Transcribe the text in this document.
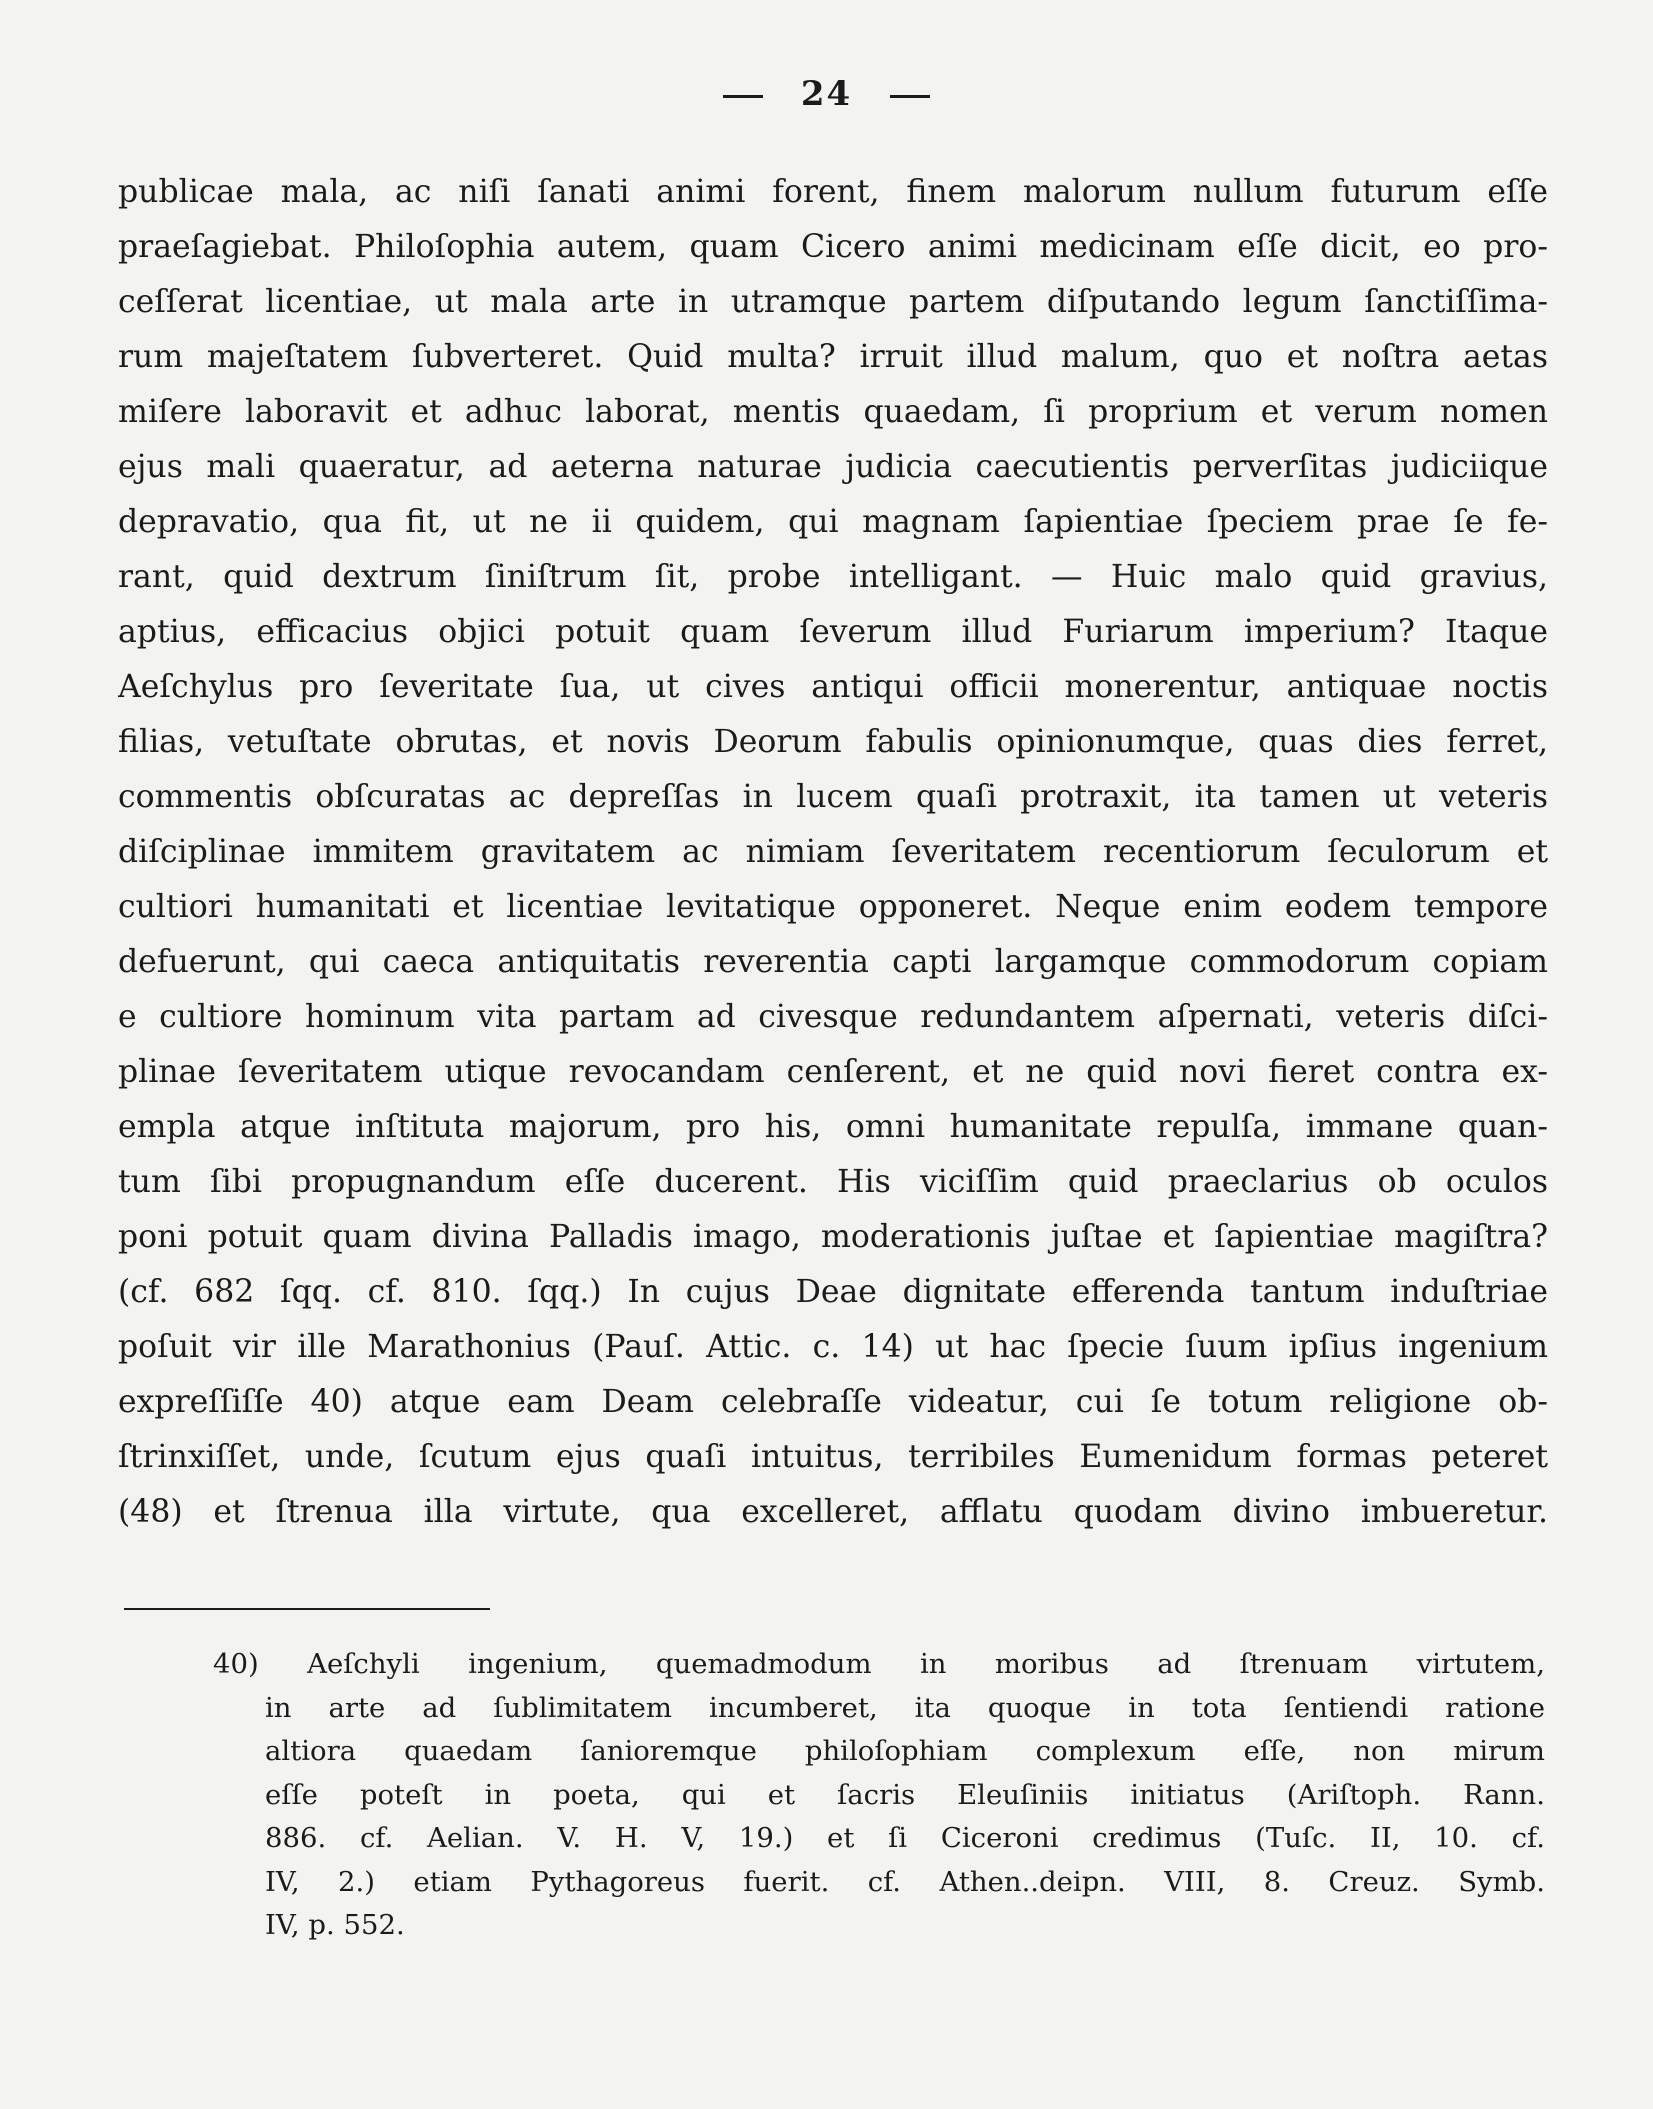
24
publicae mala, ac niſi ſanati animi forent, finem malorum nullum futurum eſſe
praeſagiebat. Philoſophia autem, quam Cicero animi medicinam eſſe dicit, eo pro-
ceſſerat licentiae, ut mala arte in utramque partem diſputando legum ſanctiſſima-
rum majeſtatem ſubverteret. Quid multa? irruit illud malum, quo et noſtra aetas
miſere laboravit et adhuc laborat, mentis quaedam, ſi proprium et verum nomen
ejus mali quaeratur, ad aeterna naturae judicia caecutientis perverſitas judiciique
depravatio, qua fit, ut ne ii quidem, qui magnam ſapientiae ſpeciem prae ſe fe-
rant, quid dextrum ſiniſtrum ſit, probe intelligant. — Huic malo quid gravius,
aptius, efficacius objici potuit quam ſeverum illud Furiarum imperium? Itaque
Aeſchylus pro ſeveritate ſua, ut cives antiqui officii monerentur, antiquae noctis
filias, vetuſtate obrutas, et novis Deorum fabulis opinionumque, quas dies ferret,
commentis obſcuratas ac depreſſas in lucem quaſi protraxit, ita tamen ut veteris
diſciplinae immitem gravitatem ac nimiam ſeveritatem recentiorum ſeculorum et
cultiori humanitati et licentiae levitatique opponeret. Neque enim eodem tempore
defuerunt, qui caeca antiquitatis reverentia capti largamque commodorum copiam
e cultiore hominum vita partam ad civesque redundantem aſpernati, veteris diſci-
plinae ſeveritatem utique revocandam cenſerent, et ne quid novi fieret contra ex-
empla atque inſtituta majorum, pro his, omni humanitate repulſa, immane quan-
tum ſibi propugnandum eſſe ducerent. His viciſſim quid praeclarius ob oculos
poni potuit quam divina Palladis imago, moderationis juſtae et ſapientiae magiſtra?
(cf. 682 ſqq. cf. 810. ſqq.) In cujus Deae dignitate efferenda tantum induſtriae
poſuit vir ille Marathonius (Pauſ. Attic. c. 14) ut hac ſpecie ſuum ipſius ingenium
expreſſiſſe 40) atque eam Deam celebraſſe videatur, cui ſe totum religione ob-
ſtrinxiſſet, unde, ſcutum ejus quaſi intuitus, terribiles Eumenidum formas peteret
(48) et ſtrenua illa virtute, qua excelleret, afflatu quodam divino imbueretur.
40) Aeſchyli ingenium, quemadmodum in moribus ad ſtrenuam virtutem,
in arte ad ſublimitatem incumberet, ita quoque in tota ſentiendi ratione
altiora quaedam ſanioremque philoſophiam complexum eſſe, non mirum
eſſe poteſt in poeta, qui et ſacris Eleuſiniis initiatus (Ariſtoph. Rann.
886. cf. Aelian. V. H. V, 19.) et ſi Ciceroni credimus (Tuſc. II, 10. cf.
IV, 2.) etiam Pythagoreus fuerit. cf. Athen..deipn. VIII, 8. Creuz. Symb.
IV, p. 552.
